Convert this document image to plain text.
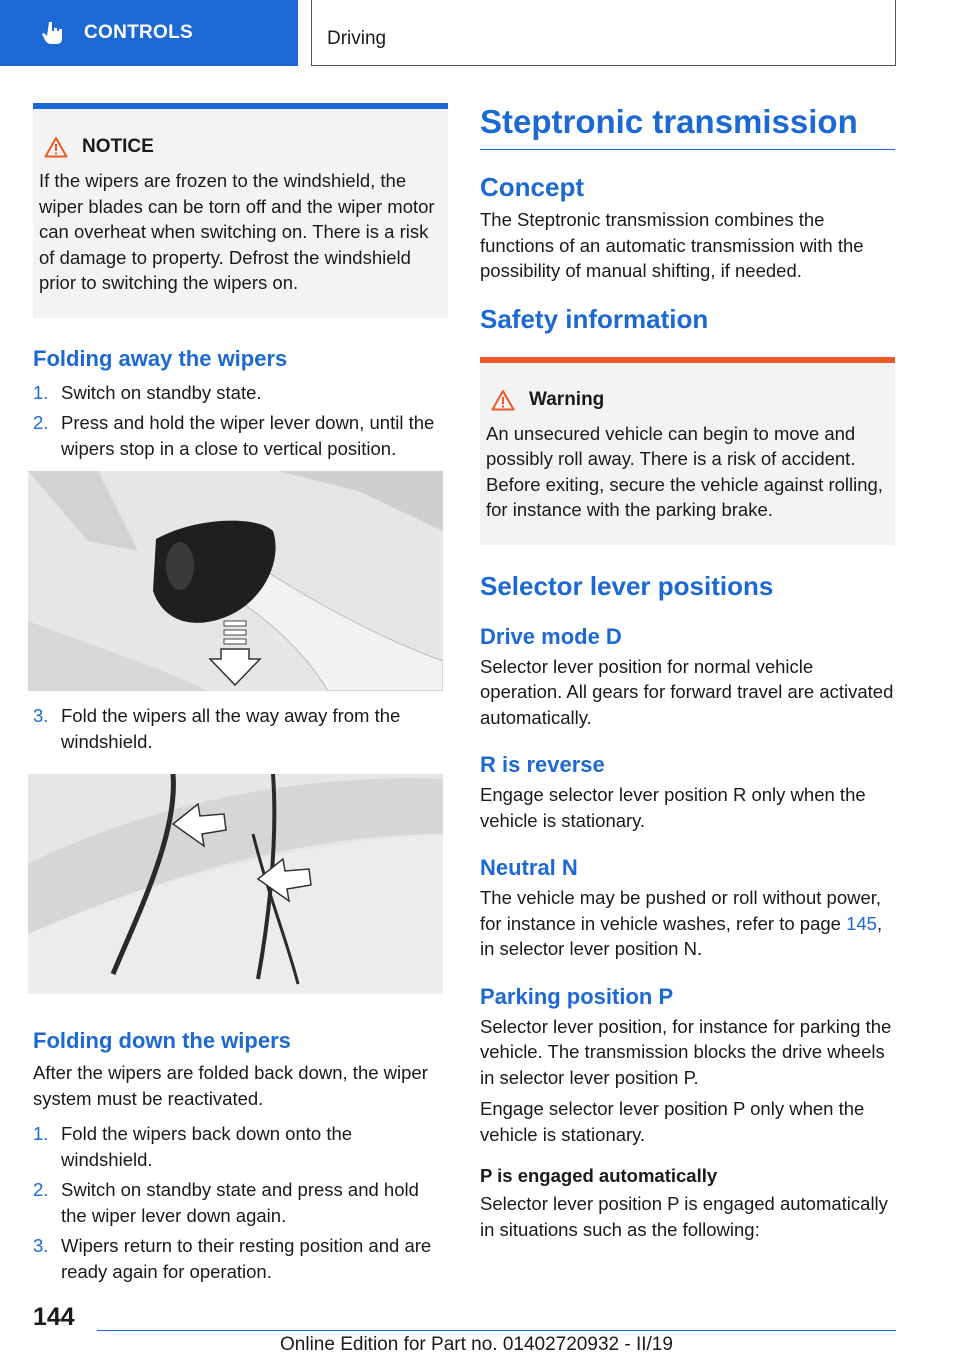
CONTROLS	Driving
NOTICE

If the wipers are frozen to the windshield, the wiper blades can be torn off and the wiper motor can overheat when switching on. There is a risk of damage to property. Defrost the windshield prior to switching the wipers on.

Folding away the wipers
1. Switch on standby state.
2. Press and hold the wiper lever down, until the wipers stop in a close to vertical position.
3. Fold the wipers all the way away from the windshield.
Folding down the wipers

After the wipers are folded back down, the wiper system must be reactivated.

1. Fold the wipers back down onto the windshield.
2. Switch on standby state and press and hold the wiper lever down again.
3. Wipers return to their resting position and are ready again for operation.
Steptronic transmission
Concept

The Steptronic transmission combines the functions of an automatic transmission with the possibility of manual shifting, if needed.

Safety information
Warning

An unsecured vehicle can begin to move and possibly roll away. There is a risk of accident. Before exiting, secure the vehicle against rolling, for instance with the parking brake.

Selector lever positions
Drive mode D

Selector lever position for normal vehicle operation. All gears for forward travel are activated automatically.

R is reverse

Engage selector lever position R only when the vehicle is stationary.

Neutral N

The vehicle may be pushed or roll without power, for instance in vehicle washes, refer to page 145, in selector lever position N.

Parking position P

Selector lever position, for instance for parking the vehicle. The transmission blocks the drive wheels in selector lever position P.

Engage selector lever position P only when the vehicle is stationary.

P is engaged automatically

Selector lever position P is engaged automatically in situations such as the following:

144
Online Edition for Part no. 01402720932 - II/19
